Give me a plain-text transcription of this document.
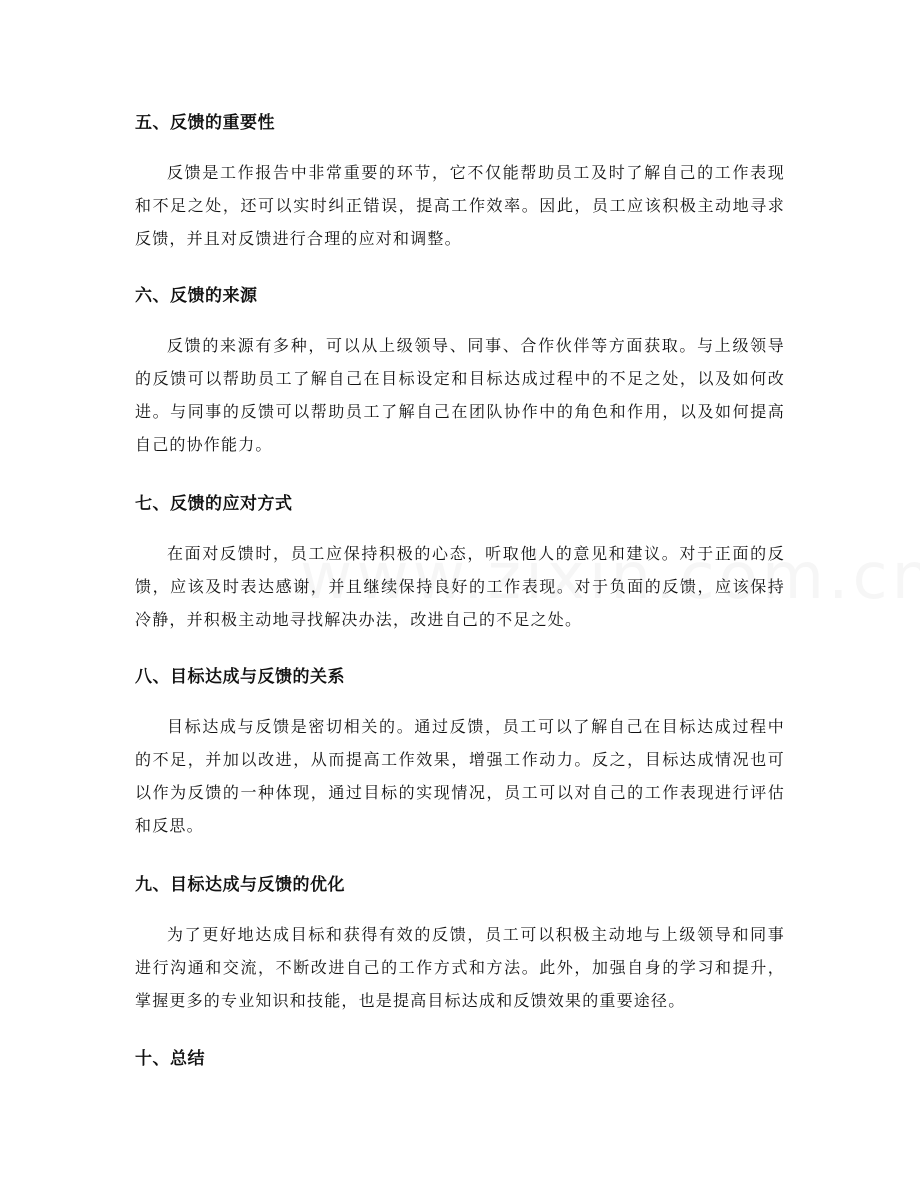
五、反馈的重要性

反馈是工作报告中非常重要的环节，它不仅能帮助员工及时了解自己的工作表现和不足之处，还可以实时纠正错误，提高工作效率。因此，员工应该积极主动地寻求反馈，并且对反馈进行合理的应对和调整。

六、反馈的来源

反馈的来源有多种，可以从上级领导、同事、合作伙伴等方面获取。与上级领导的反馈可以帮助员工了解自己在目标设定和目标达成过程中的不足之处，以及如何改进。与同事的反馈可以帮助员工了解自己在团队协作中的角色和作用，以及如何提高自己的协作能力。

七、反馈的应对方式

在面对反馈时，员工应保持积极的心态，听取他人的意见和建议。对于正面的反馈，应该及时表达感谢，并且继续保持良好的工作表现。对于负面的反馈，应该保持冷静，并积极主动地寻找解决办法，改进自己的不足之处。

八、目标达成与反馈的关系

目标达成与反馈是密切相关的。通过反馈，员工可以了解自己在目标达成过程中的不足，并加以改进，从而提高工作效果，增强工作动力。反之，目标达成情况也可以作为反馈的一种体现，通过目标的实现情况，员工可以对自己的工作表现进行评估和反思。

九、目标达成与反馈的优化

为了更好地达成目标和获得有效的反馈，员工可以积极主动地与上级领导和同事进行沟通和交流，不断改进自己的工作方式和方法。此外，加强自身的学习和提升，掌握更多的专业知识和技能，也是提高目标达成和反馈效果的重要途径。

十、总结
